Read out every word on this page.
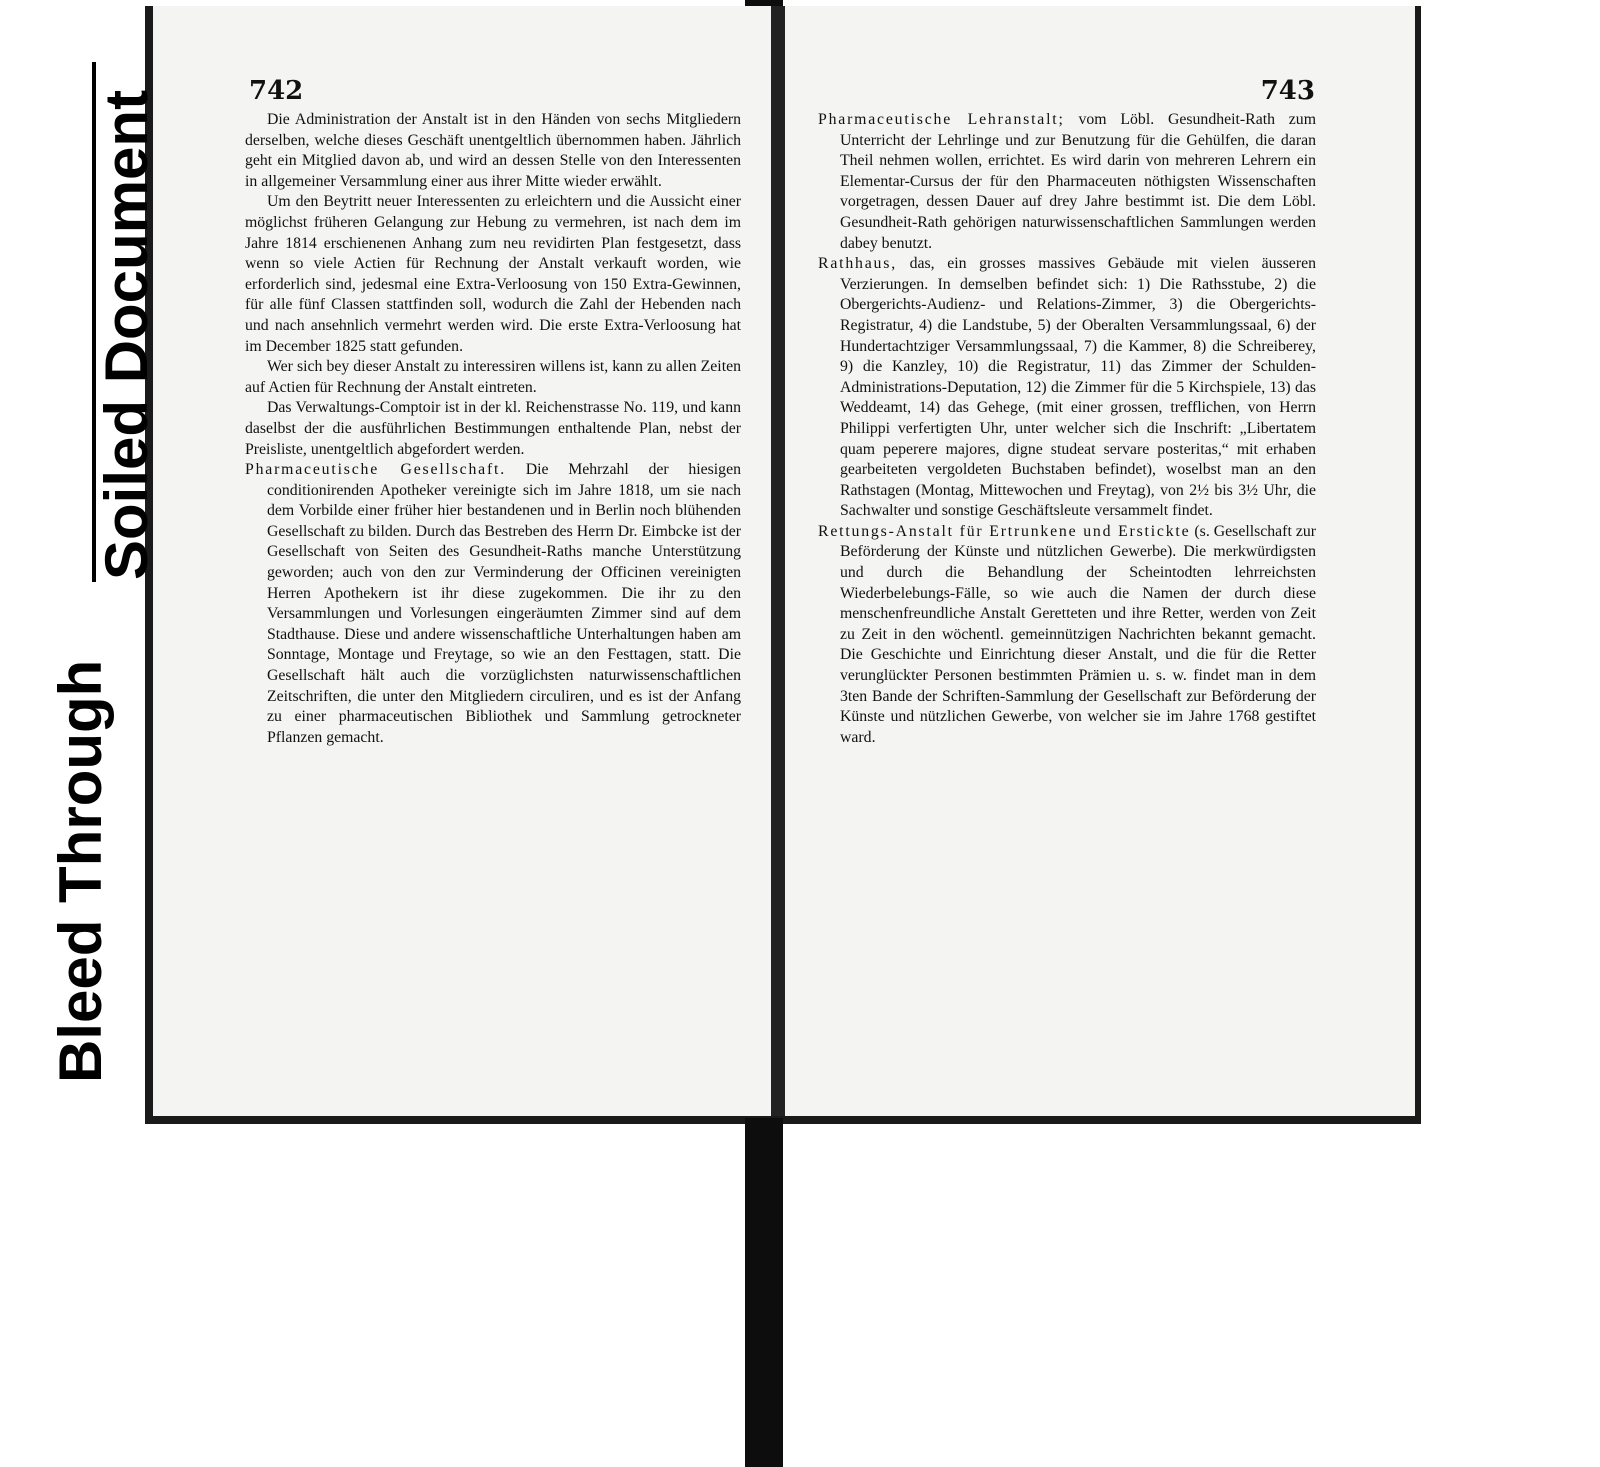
742

Die Administration der Anstalt ist in den Händen von sechs Mitgliedern derselben, welche dieses Geschäft unentgeltlich übernommen haben. Jährlich geht ein Mitglied davon ab, und wird an dessen Stelle von den Interessenten in allgemeiner Versammlung einer aus ihrer Mitte wieder erwählt.

Um den Beytritt neuer Interessenten zu erleichtern und die Aussicht einer möglichst früheren Gelangung zur Hebung zu vermehren, ist nach dem im Jahre 1814 erschienenen Anhang zum neu revidirten Plan festgesetzt, dass wenn so viele Actien für Rechnung der Anstalt verkauft worden, wie erforderlich sind, jedesmal eine Extra-Verloosung von 150 Extra-Gewinnen, für alle fünf Classen stattfinden soll, wodurch die Zahl der Hebenden nach und nach ansehnlich vermehrt werden wird. Die erste Extra-Verloosung hat im December 1825 statt gefunden.

Wer sich bey dieser Anstalt zu interessiren willens ist, kann zu allen Zeiten auf Actien für Rechnung der Anstalt eintreten.

Das Verwaltungs-Comptoir ist in der kl. Reichenstrasse No. 119, und kann daselbst der die ausführlichen Bestimmungen enthaltende Plan, nebst der Preisliste, unentgeltlich abgefordert werden.

Pharmaceutische Gesellschaft. Die Mehrzahl der hiesigen conditionirenden Apotheker vereinigte sich im Jahre 1818, um sie nach dem Vorbilde einer früher hier bestandenen und in Berlin noch blühenden Gesellschaft zu bilden. Durch das Bestreben des Herrn Dr. Eimbcke ist der Gesellschaft von Seiten des Gesundheit-Raths manche Unterstützung geworden; auch von den zur Verminderung der Officinen vereinigten Herren Apothekern ist ihr diese zugekommen. Die ihr zu den Versammlungen und Vorlesungen eingeräumten Zimmer sind auf dem Stadthause. Diese und andere wissenschaftliche Unterhaltungen haben am Sonntage, Montage und Freytage, so wie an den Festtagen, statt. Die Gesellschaft hält auch die vorzüglichsten naturwissenschaftlichen Zeitschriften, die unter den Mitgliedern circuliren, und es ist der Anfang zu einer pharmaceutischen Bibliothek und Sammlung getrockneter Pflanzen gemacht.

743

Pharmaceutische Lehranstalt; vom Löbl. Gesundheit-Rath zum Unterricht der Lehrlinge und zur Benutzung für die Gehülfen, die daran Theil nehmen wollen, errichtet. Es wird darin von mehreren Lehrern ein Elementar-Cursus der für den Pharmaceuten nöthigsten Wissenschaften vorgetragen, dessen Dauer auf drey Jahre bestimmt ist. Die dem Löbl. Gesundheit-Rath gehörigen naturwissenschaftlichen Sammlungen werden dabey benutzt.

Rathhaus, das, ein grosses massives Gebäude mit vielen äusseren Verzierungen. In demselben befindet sich: 1) Die Rathsstube, 2) die Obergerichts-Audienz- und Relations-Zimmer, 3) die Obergerichts-Registratur, 4) die Landstube, 5) der Oberalten Versammlungssaal, 6) der Hundertachtziger Versammlungssaal, 7) die Kammer, 8) die Schreiberey, 9) die Kanzley, 10) die Registratur, 11) das Zimmer der Schulden-Administrations-Deputation, 12) die Zimmer für die 5 Kirchspiele, 13) das Weddeamt, 14) das Gehege, (mit einer grossen, trefflichen, von Herrn Philippi verfertigten Uhr, unter welcher sich die Inschrift: „Libertatem quam peperere majores, digne studeat servare posteritas,“ mit erhaben gearbeiteten vergoldeten Buchstaben befindet), woselbst man an den Rathstagen (Montag, Mittewochen und Freytag), von 2½ bis 3½ Uhr, die Sachwalter und sonstige Geschäftsleute versammelt findet.

Rettungs-Anstalt für Ertrunkene und Erstickte (s. Gesellschaft zur Beförderung der Künste und nützlichen Gewerbe). Die merkwürdigsten und durch die Behandlung der Scheintodten lehrreichsten Wiederbelebungs-Fälle, so wie auch die Namen der durch diese menschenfreundliche Anstalt Geretteten und ihre Retter, werden von Zeit zu Zeit in den wöchentl. gemeinnützigen Nachrichten bekannt gemacht. Die Geschichte und Einrichtung dieser Anstalt, und die für die Retter verunglückter Personen bestimmten Prämien u. s. w. findet man in dem 3ten Bande der Schriften-Sammlung der Gesellschaft zur Beförderung der Künste und nützlichen Gewerbe, von welcher sie im Jahre 1768 gestiftet ward.

Soiled Document
Bleed Through
